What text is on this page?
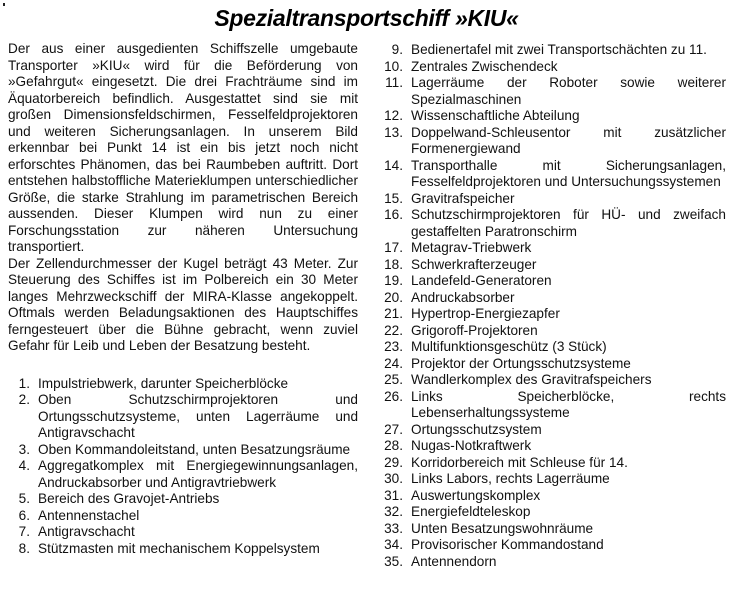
Spezialtransportschiff »KIU«

Der aus einer ausgedienten Schiffszelle umgebaute Transporter »KIU« wird für die Beförderung von »Gefahrgut« eingesetzt. Die drei Frachträume sind im Äquatorbereich befindlich. Ausgestattet sind sie mit großen Dimensionsfeldschirmen, Fesselfeldprojektoren und weiteren Sicherungsanlagen. In unserem Bild erkennbar bei Punkt 14 ist ein bis jetzt noch nicht erforschtes Phänomen, das bei Raumbeben auftritt. Dort entstehen halbstoffliche Materieklumpen unterschiedlicher Größe, die starke Strahlung im parametrischen Bereich aussenden. Dieser Klumpen wird nun zu einer Forschungsstation zur näheren Untersuchung transportiert.

Der Zellendurchmesser der Kugel beträgt 43 Meter. Zur Steuerung des Schiffes ist im Polbereich ein 30 Meter langes Mehrzweckschiff der MIRA-Klasse angekoppelt. Oftmals werden Beladungsaktionen des Hauptschiffes ferngesteuert über die Bühne gebracht, wenn zuviel Gefahr für Leib und Leben der Besatzung besteht.

1. Impulstriebwerk, darunter Speicherblöcke
2. Oben Schutzschirmprojektoren und Ortungsschutzsysteme, unten Lagerräume und Antigravschacht
3. Oben Kommandoleitstand, unten Besatzungsräume
4. Aggregatkomplex mit Energiegewinnungsanlagen, Andruckabsorber und Antigravtriebwerk
5. Bereich des Gravojet-Antriebs
6. Antennenstachel
7. Antigravschacht
8. Stützmasten mit mechanischem Koppelsystem
9. Bedienertafel mit zwei Transportschächten zu 11.
10. Zentrales Zwischendeck
11. Lagerräume der Roboter sowie weiterer Spezialmaschinen
12. Wissenschaftliche Abteilung
13. Doppelwand-Schleusentor mit zusätzlicher Formenergiewand
14. Transporthalle mit Sicherungsanlagen, Fesselfeldprojektoren und Untersuchungssystemen
15. Gravitrafspeicher
16. Schutzschirmprojektoren für HÜ- und zweifach gestaffelten Paratronschirm
17. Metagrav-Triebwerk
18. Schwerkrafterzeuger
19. Landefeld-Generatoren
20. Andruckabsorber
21. Hypertrop-Energiezapfer
22. Grigoroff-Projektoren
23. Multifunktionsgeschütz (3 Stück)
24. Projektor der Ortungsschutzsysteme
25. Wandlerkomplex des Gravitrafspeichers
26. Links Speicherblöcke, rechts Lebenserhaltungssysteme
27. Ortungsschutzsystem
28. Nugas-Notkraftwerk
29. Korridorbereich mit Schleuse für 14.
30. Links Labors, rechts Lagerräume
31. Auswertungskomplex
32. Energiefeldteleskop
33. Unten Besatzungswohnräume
34. Provisorischer Kommandostand
35. Antennendorn
